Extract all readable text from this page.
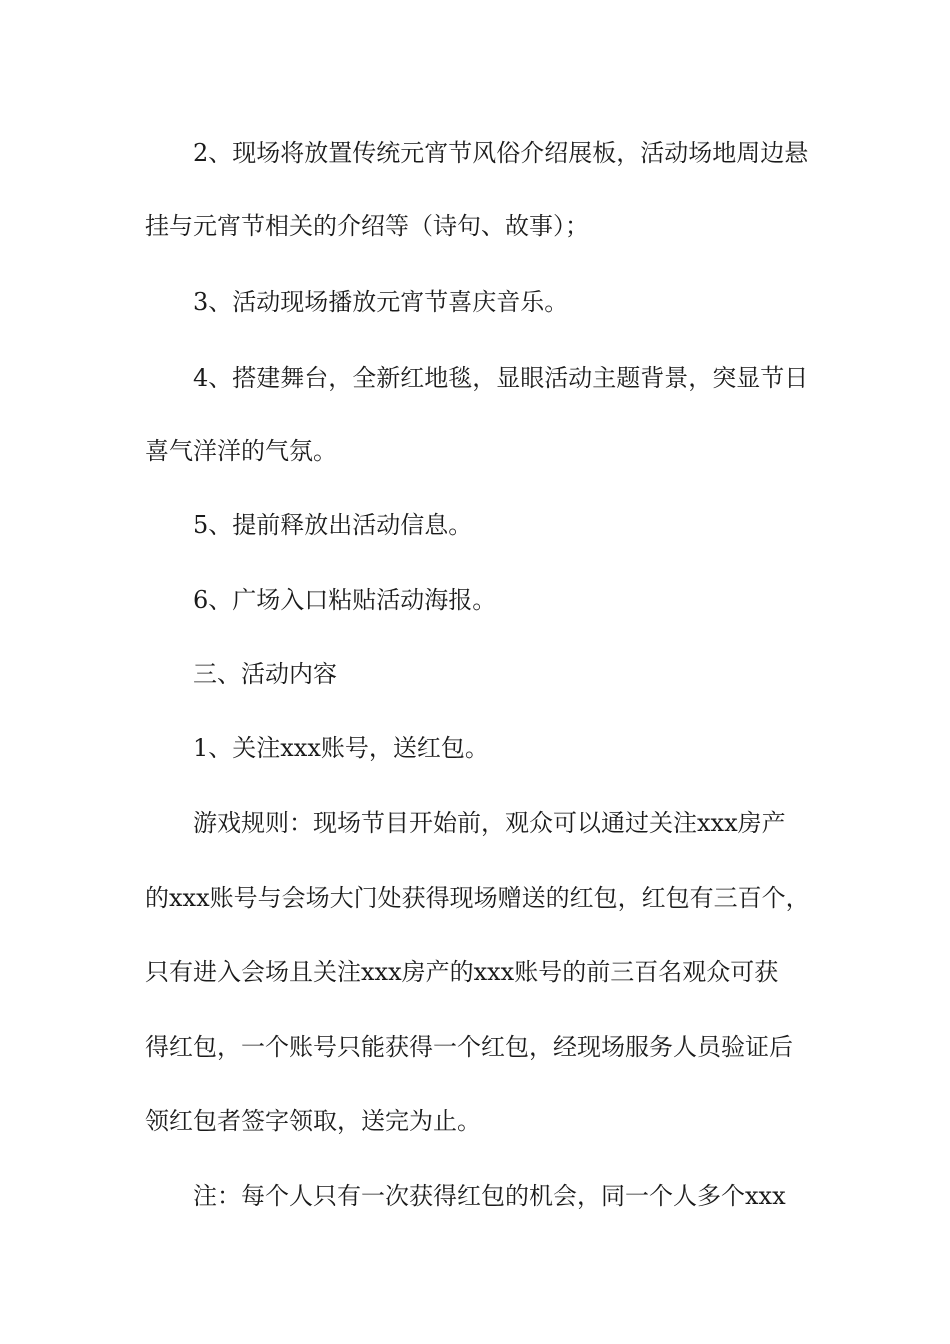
2、现场将放置传统元宵节风俗介绍展板，活动场地周边悬
挂与元宵节相关的介绍等（诗句、故事）；
3、活动现场播放元宵节喜庆音乐。
4、搭建舞台，全新红地毯，显眼活动主题背景，突显节日
喜气洋洋的气氛。
5、提前释放出活动信息。
6、广场入口粘贴活动海报。
三、活动内容
1、关注xxx账号，送红包。
游戏规则：现场节目开始前，观众可以通过关注xxx房产
的xxx账号与会场大门处获得现场赠送的红包，红包有三百个，
只有进入会场且关注xxx房产的xxx账号的前三百名观众可获
得红包，一个账号只能获得一个红包，经现场服务人员验证后
领红包者签字领取，送完为止。
注：每个人只有一次获得红包的机会，同一个人多个xxx
